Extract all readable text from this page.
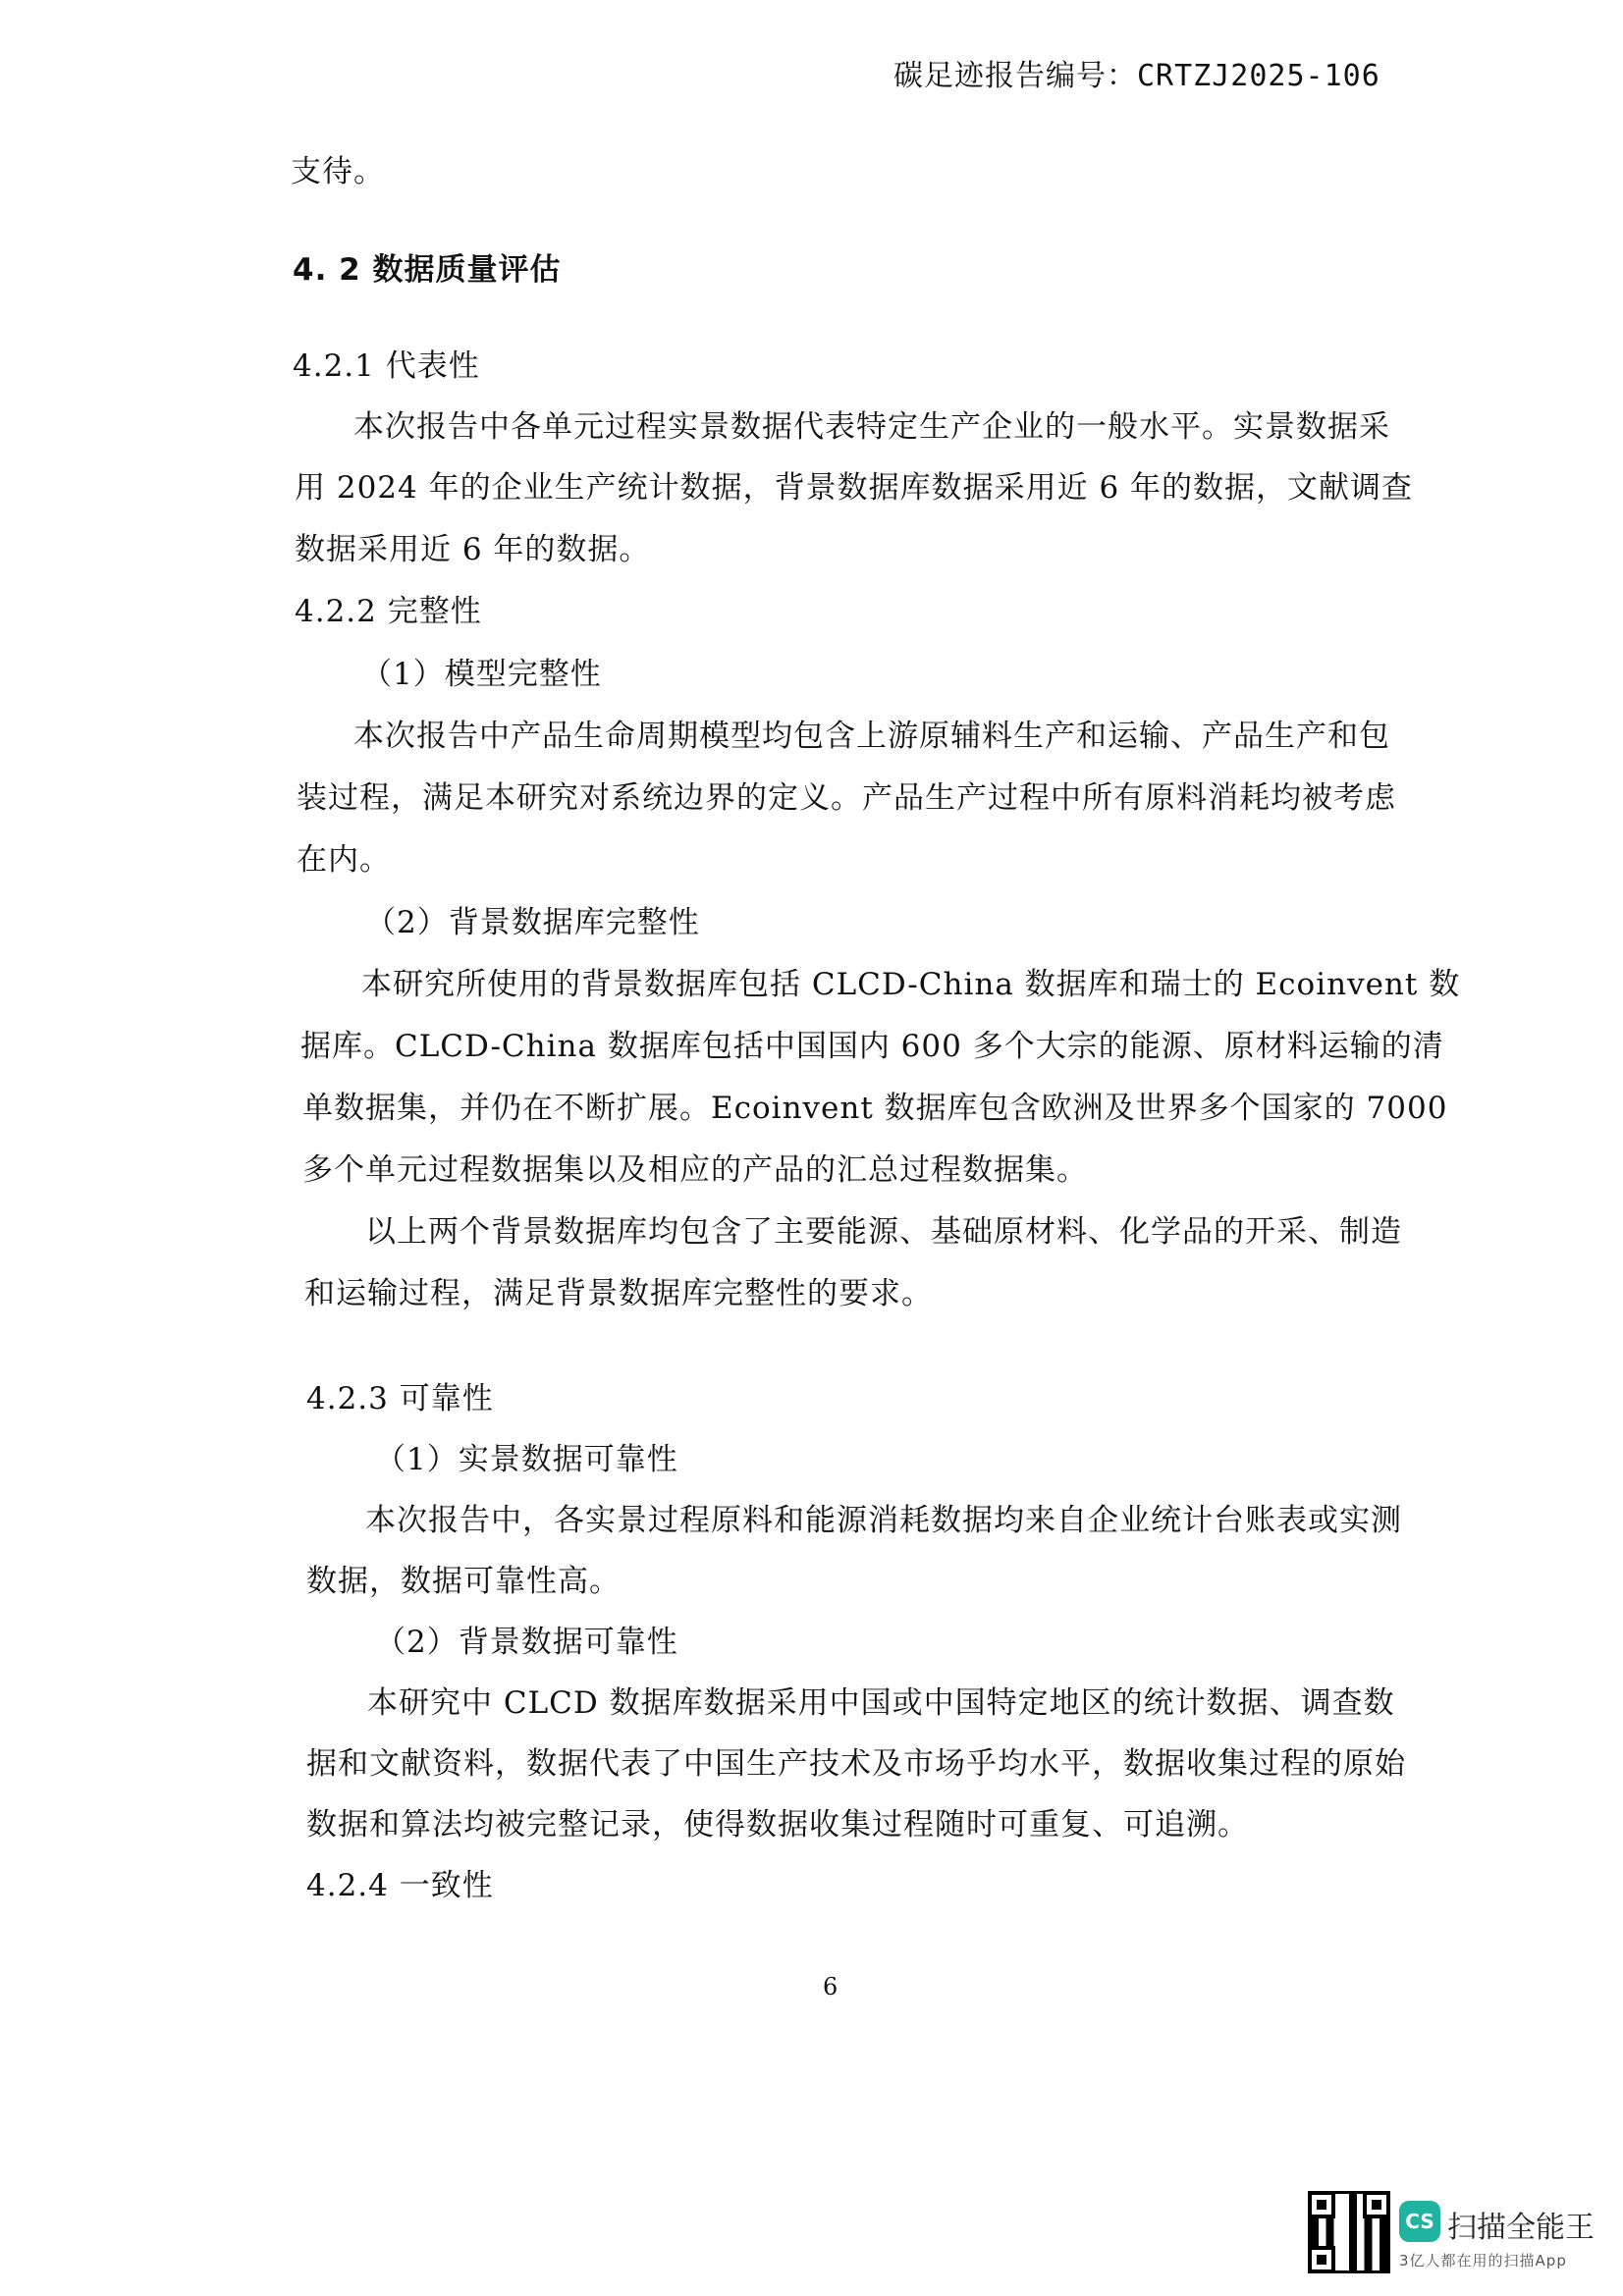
碳足迹报告编号：CRTZJ2025-106
支待。
4. 2 数据质量评估
4.2.1 代表性
本次报告中各单元过程实景数据代表特定生产企业的一般水平。实景数据采
用 2024 年的企业生产统计数据，背景数据库数据采用近 6 年的数据，文献调查
数据采用近 6 年的数据。
4.2.2 完整性
（1）模型完整性
本次报告中产品生命周期模型均包含上游原辅料生产和运输、产品生产和包
装过程，满足本研究对系统边界的定义。产品生产过程中所有原料消耗均被考虑
在内。
（2）背景数据库完整性
本研究所使用的背景数据库包括 CLCD-China 数据库和瑞士的 Ecoinvent 数
据库。CLCD-China 数据库包括中国国内 600 多个大宗的能源、原材料运输的清
单数据集，并仍在不断扩展。Ecoinvent 数据库包含欧洲及世界多个国家的 7000
多个单元过程数据集以及相应的产品的汇总过程数据集。
以上两个背景数据库均包含了主要能源、基础原材料、化学品的开采、制造
和运输过程，满足背景数据库完整性的要求。
4.2.3 可靠性
（1）实景数据可靠性
本次报告中，各实景过程原料和能源消耗数据均来自企业统计台账表或实测
数据，数据可靠性高。
（2）背景数据可靠性
本研究中 CLCD 数据库数据采用中国或中国特定地区的统计数据、调查数
据和文献资料，数据代表了中国生产技术及市场乎均水平，数据收集过程的原始
数据和算法均被完整记录，使得数据收集过程随时可重复、可追溯。
4.2.4 一致性
6
CS 扫描全能王
3亿人都在用的扫描App
